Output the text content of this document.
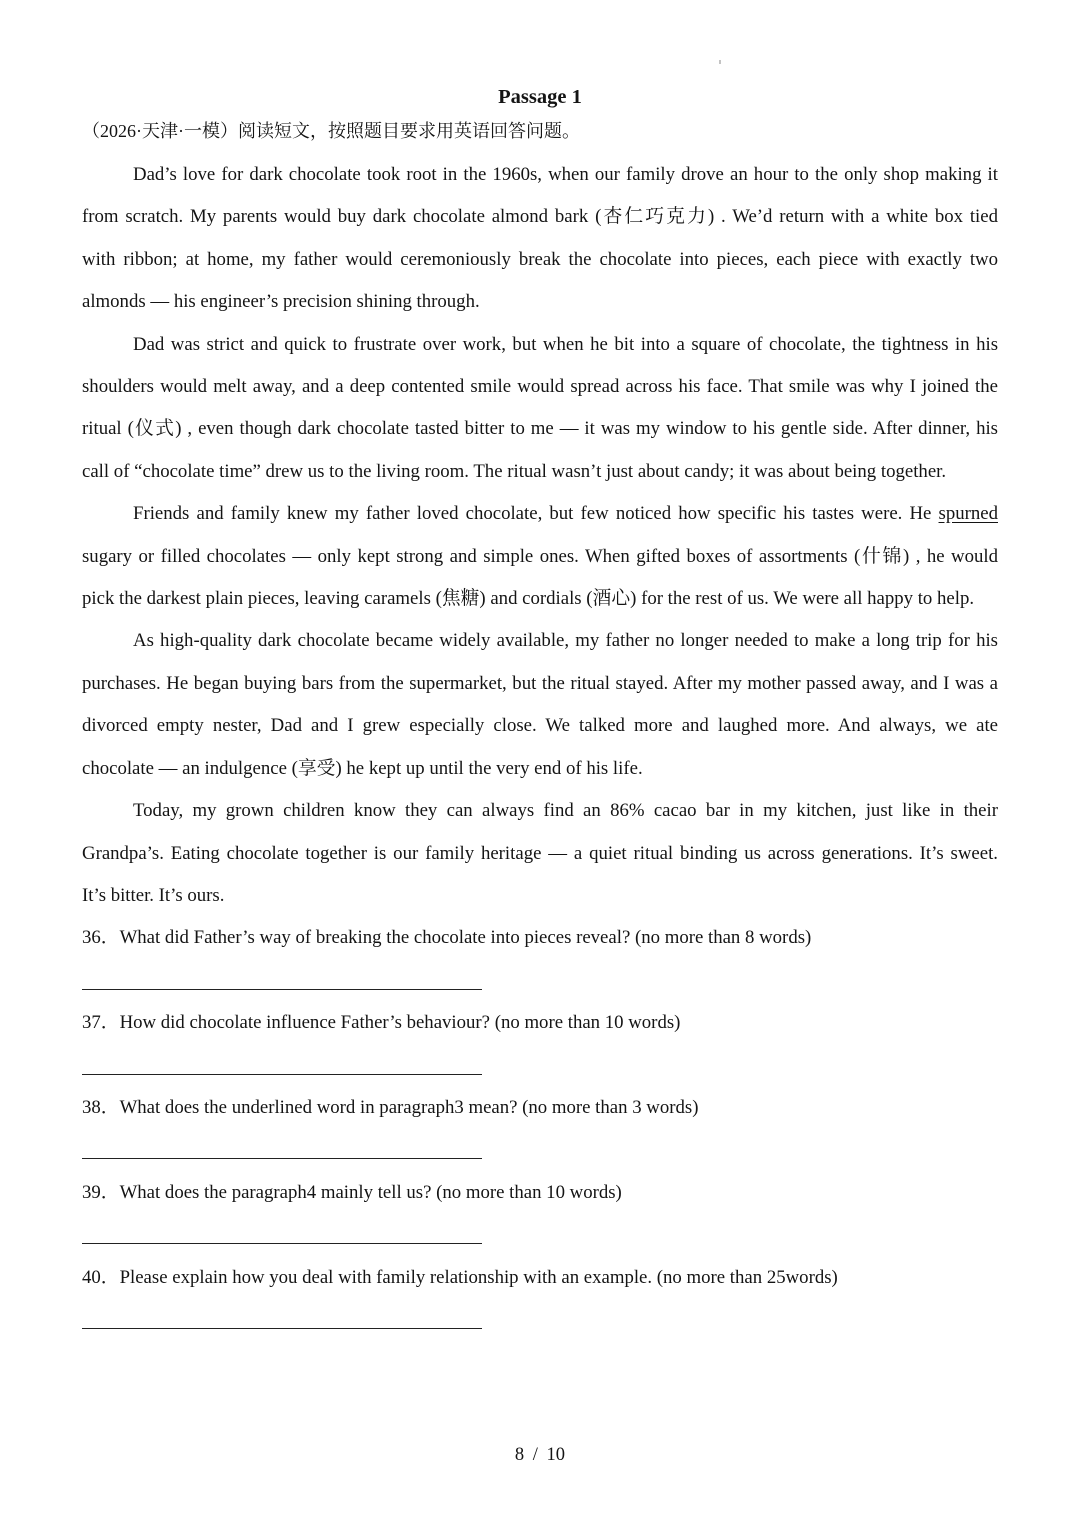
Passage 1
（2026·天津·一模）阅读短文，按照题目要求用英语回答问题。
Dad’s love for dark chocolate took root in the 1960s, when our family drove an hour to the only shop making it
from scratch. My parents would buy dark chocolate almond bark (杏仁巧克力) . We’d return with a white box tied
with ribbon; at home, my father would ceremoniously break the chocolate into pieces, each piece with exactly two
almonds — his engineer’s precision shining through.
Dad was strict and quick to frustrate over work, but when he bit into a square of chocolate, the tightness in his
shoulders would melt away, and a deep contented smile would spread across his face. That smile was why I joined the
ritual (仪式) , even though dark chocolate tasted bitter to me — it was my window to his gentle side. After dinner, his
call of “chocolate time” drew us to the living room. The ritual wasn’t just about candy; it was about being together.
Friends and family knew my father loved chocolate, but few noticed how specific his tastes were. He spurned
sugary or filled chocolates — only kept strong and simple ones. When gifted boxes of assortments (什锦) , he would
pick the darkest plain pieces, leaving caramels (焦糖) and cordials (酒心) for the rest of us. We were all happy to help.
As high-quality dark chocolate became widely available, my father no longer needed to make a long trip for his
purchases. He began buying bars from the supermarket, but the ritual stayed. After my mother passed away, and I was a
divorced empty nester, Dad and I grew especially close. We talked more and laughed more. And always, we ate
chocolate — an indulgence (享受) he kept up until the very end of his life.
Today, my grown children know they can always find an 86% cacao bar in my kitchen, just like in their
Grandpa’s. Eating chocolate together is our family heritage — a quiet ritual binding us across generations. It’s sweet.
It’s bitter. It’s ours.
36．What did Father’s way of breaking the chocolate into pieces reveal? (no more than 8 words)
37．How did chocolate influence Father’s behaviour? (no more than 10 words)
38．What does the underlined word in paragraph3 mean? (no more than 3 words)
39．What does the paragraph4 mainly tell us? (no more than 10 words)
40．Please explain how you deal with family relationship with an example. (no more than 25words)
8 / 10
